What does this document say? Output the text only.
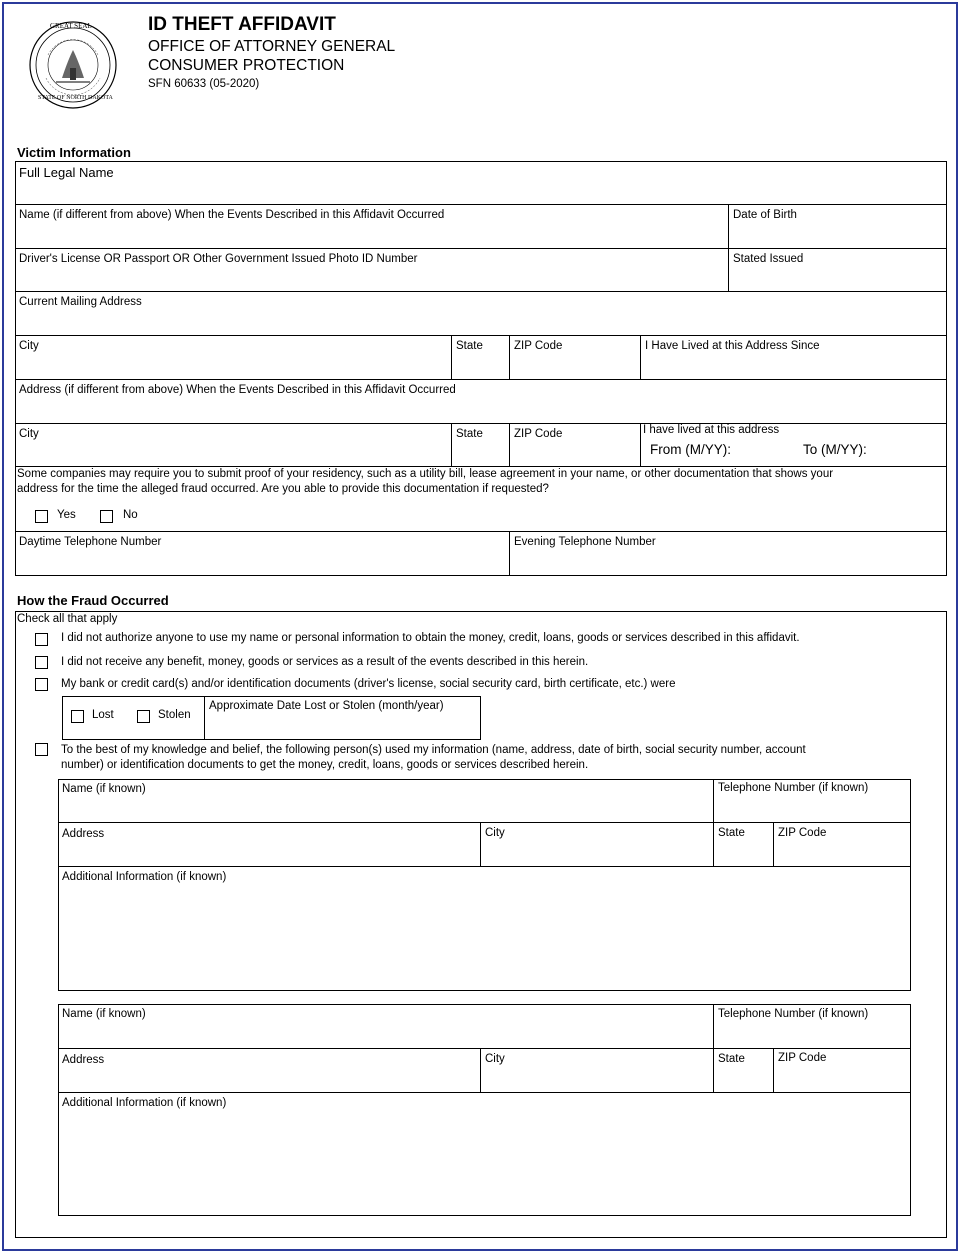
GREAT SEAL
STATE OF NORTH DAKOTA
ID THEFT AFFIDAVIT
OFFICE OF ATTORNEY GENERAL
CONSUMER PROTECTION
SFN 60633 (05-2020)
Victim Information
Full Legal Name
Name (if different from above) When the Events Described in this Affidavit Occurred	Date of Birth
Driver's License OR Passport OR Other Government Issued Photo ID Number	Stated Issued
Current Mailing Address
City	State	ZIP Code	I Have Lived at this Address Since
Address (if different from above) When the Events Described in this Affidavit Occurred
City	State	ZIP Code	I have lived at this address
From (M/YY):	To (M/YY):
Some companies may require you to submit proof of your residency, such as a utility bill, lease agreement in your name, or other documentation that shows your
address for the time the alleged fraud occurred. Are you able to provide this documentation if requested?
Yes	No
Daytime Telephone Number	Evening Telephone Number
How the Fraud Occurred
Check all that apply
I did not authorize anyone to use my name or personal information to obtain the money, credit, loans, goods or services described in this affidavit.
I did not receive any benefit, money, goods or services as a result of the events described in this herein.
My bank or credit card(s) and/or identification documents (driver's license, social security card, birth certificate, etc.) were
Lost	Stolen
Approximate Date Lost or Stolen (month/year)
To the best of my knowledge and belief, the following person(s) used my information (name, address, date of birth, social security number, account
number) or identification documents to get the money, credit, loans, goods or services described herein.
Name (if known)	Telephone Number (if known)
Address	City	State	ZIP Code
Additional Information (if known)
Name (if known)	Telephone Number (if known)
Address	City	State	ZIP Code
Additional Information (if known)
